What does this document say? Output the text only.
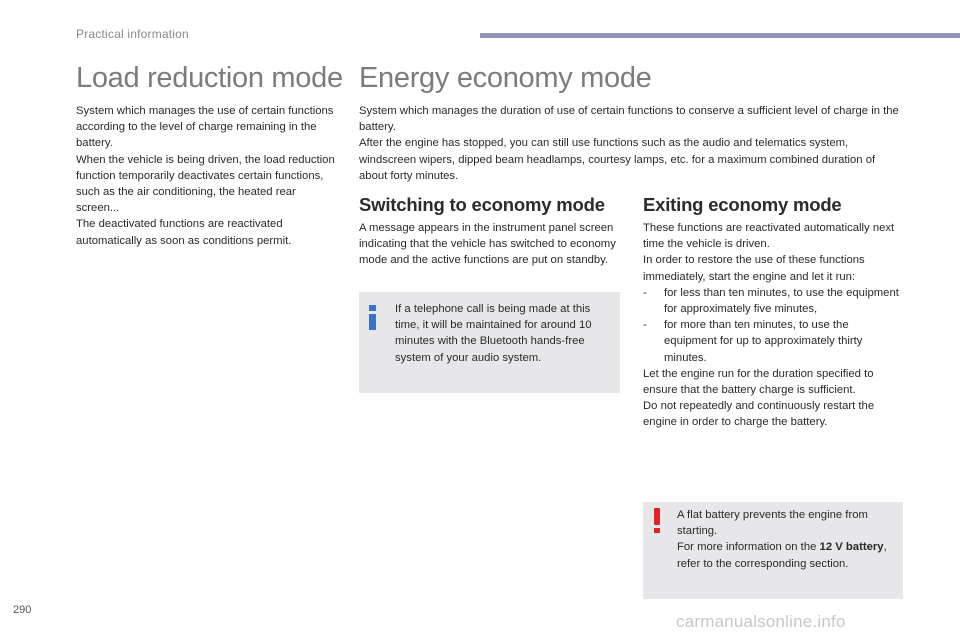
Practical information
Load reduction mode Energy economy mode

System which manages the use of certain functions according to the level of charge remaining in the battery.

When the vehicle is being driven, the load reduction function temporarily deactivates certain functions, such as the air conditioning, the heated rear screen...

The deactivated functions are reactivated automatically as soon as conditions permit.

System which manages the duration of use of certain functions to conserve a sufficient level of charge in the battery.

After the engine has stopped, you can still use functions such as the audio and telematics system, windscreen wipers, dipped beam headlamps, courtesy lamps, etc. for a maximum combined duration of about forty minutes.

Switching to economy mode

A message appears in the instrument panel screen indicating that the vehicle has switched to economy mode and the active functions are put on standby.

If a telephone call is being made at this time, it will be maintained for around 10 minutes with the Bluetooth hands-free system of your audio system.
Exiting economy mode

These functions are reactivated automatically next time the vehicle is driven.

In order to restore the use of these functions immediately, start the engine and let it run:

-	for less than ten minutes, to use the equipment for approximately five minutes,
-	for more than ten minutes, to use the equipment for up to approximately thirty minutes.

Let the engine run for the duration specified to ensure that the battery charge is sufficient.

Do not repeatedly and continuously restart the engine in order to charge the battery.

A flat battery prevents the engine from starting.
For more information on the 12 V battery, refer to the corresponding section.
290
carmanualsonline.info
